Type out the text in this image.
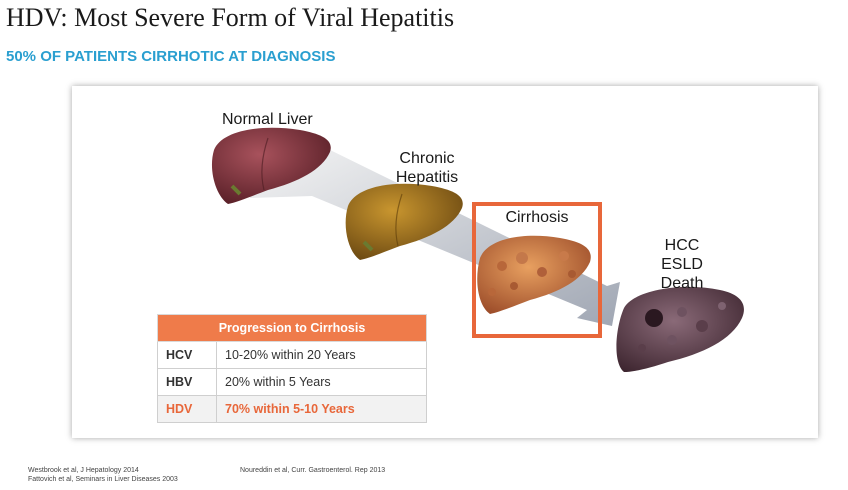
HDV: Most Severe Form of Viral Hepatitis
50% OF PATIENTS CIRRHOTIC AT DIAGNOSIS
Normal Liver
Chronic
Hepatitis
Cirrhosis
HCC
ESLD
Death
Progression to Cirrhosis	
HCV	10-20% within 20 Years
HBV	20% within 5 Years
HDV	70% within 5-10 Years
Westbrook et al, J Hepatology 2014
Fattovich et al, Seminars in Liver Diseases 2003
Noureddin et al, Curr. Gastroenterol. Rep 2013
